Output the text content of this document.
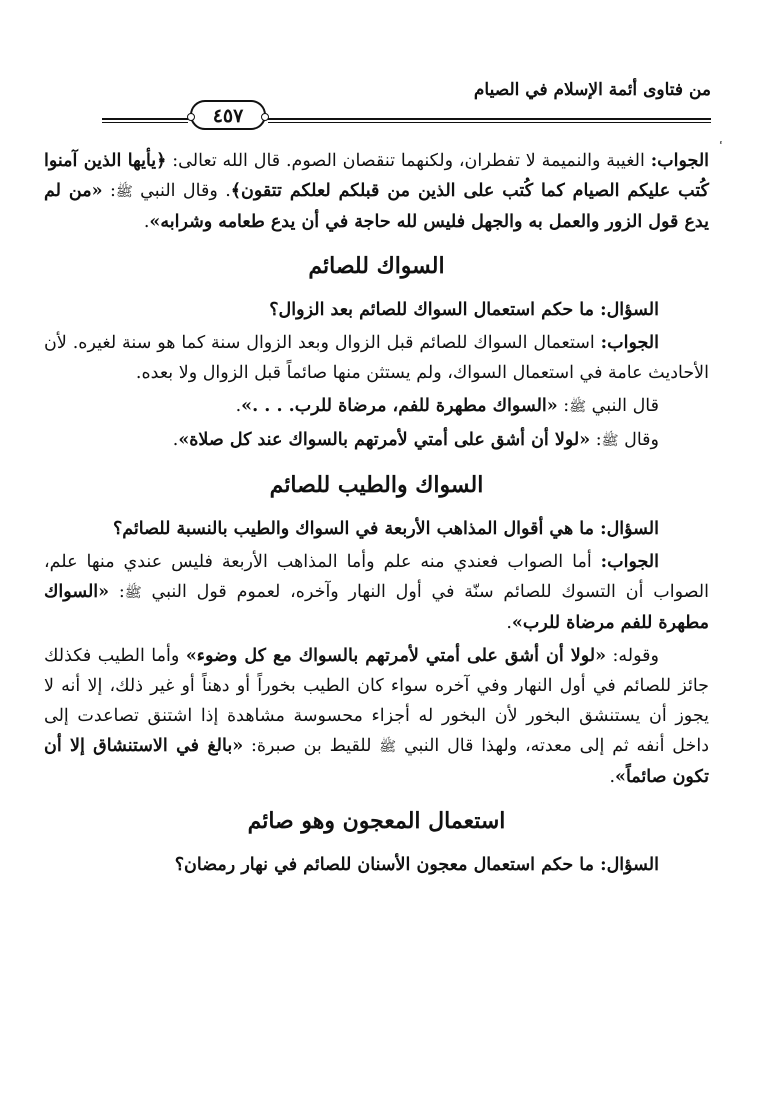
من فتاوى أئمة الإسلام في الصيام
٤٥٧

الجواب: الغيبة والنميمة لا تفطران، ولكنهما تنقصان الصوم. قال الله تعالى: ﴿يأيها الذين آمنوا كُتب عليكم الصيام كما كُتب على الذين من قبلكم لعلكم تتقون﴾. وقال النبي ﷺ: «من لم يدع قول الزور والعمل به والجهل فليس لله حاجة في أن يدع طعامه وشرابه».

السواك للصائم

السؤال: ما حكم استعمال السواك للصائم بعد الزوال؟

الجواب: استعمال السواك للصائم قبل الزوال وبعد الزوال سنة كما هو سنة لغيره. لأن الأحاديث عامة في استعمال السواك، ولم يستثن منها صائماً قبل الزوال ولا بعده.

قال النبي ﷺ: «السواك مطهرة للفم، مرضاة للرب. . . .».

وقال ﷺ: «لولا أن أشق على أمتي لأمرتهم بالسواك عند كل صلاة».

السواك والطيب للصائم

السؤال: ما هي أقوال المذاهب الأربعة في السواك والطيب بالنسبة للصائم؟

الجواب: أما الصواب فعندي منه علم وأما المذاهب الأربعة فليس عندي منها علم، الصواب أن التسوك للصائم سنّة في أول النهار وآخره، لعموم قول النبي ﷺ: «السواك مطهرة للفم مرضاة للرب».

وقوله: «لولا أن أشق على أمتي لأمرتهم بالسواك مع كل وضوء» وأما الطيب فكذلك جائز للصائم في أول النهار وفي آخره سواء كان الطيب بخوراً أو دهناً أو غير ذلك، إلا أنه لا يجوز أن يستنشق البخور لأن البخور له أجزاء محسوسة مشاهدة إذا اشتنق تصاعدت إلى داخل أنفه ثم إلى معدته، ولهذا قال النبي ﷺ للقيط بن صبرة: «بالغ في الاستنشاق إلا أن تكون صائماً».

استعمال المعجون وهو صائم

السؤال: ما حكم استعمال معجون الأسنان للصائم في نهار رمضان؟
